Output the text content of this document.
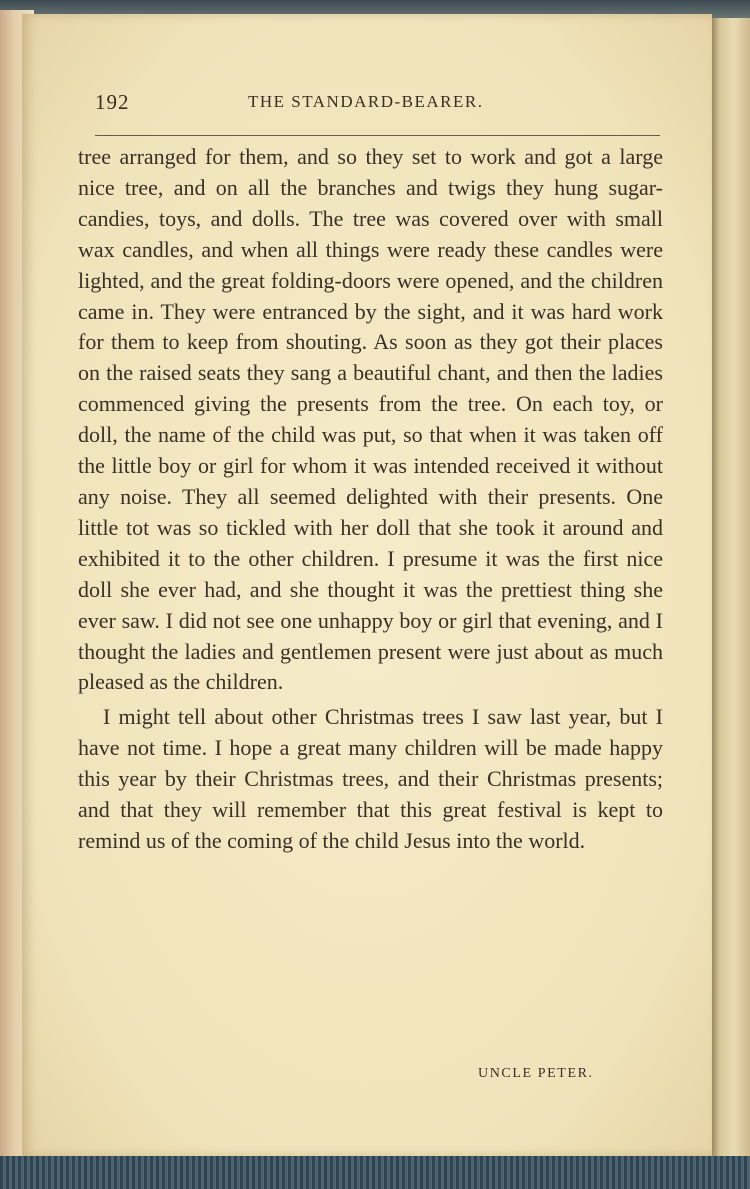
192	THE STANDARD-BEARER.

tree arranged for them, and so they set to work and got a large nice tree, and on all the branches and twigs they hung sugar-candies, toys, and dolls. The tree was covered over with small wax candles, and when all things were ready these candles were lighted, and the great folding-doors were opened, and the children came in. They were entranced by the sight, and it was hard work for them to keep from shouting. As soon as they got their places on the raised seats they sang a beautiful chant, and then the ladies commenced giving the presents from the tree. On each toy, or doll, the name of the child was put, so that when it was taken off the little boy or girl for whom it was intended received it without any noise. They all seemed delighted with their presents. One little tot was so tickled with her doll that she took it around and exhibited it to the other children. I presume it was the first nice doll she ever had, and she thought it was the prettiest thing she ever saw. I did not see one unhappy boy or girl that evening, and I thought the ladies and gentlemen present were just about as much pleased as the children.

I might tell about other Christmas trees I saw last year, but I have not time. I hope a great many children will be made happy this year by their Christmas trees, and their Christmas presents; and that they will remember that this great festival is kept to remind us of the coming of the child Jesus into the world.

UNCLE PETER.
